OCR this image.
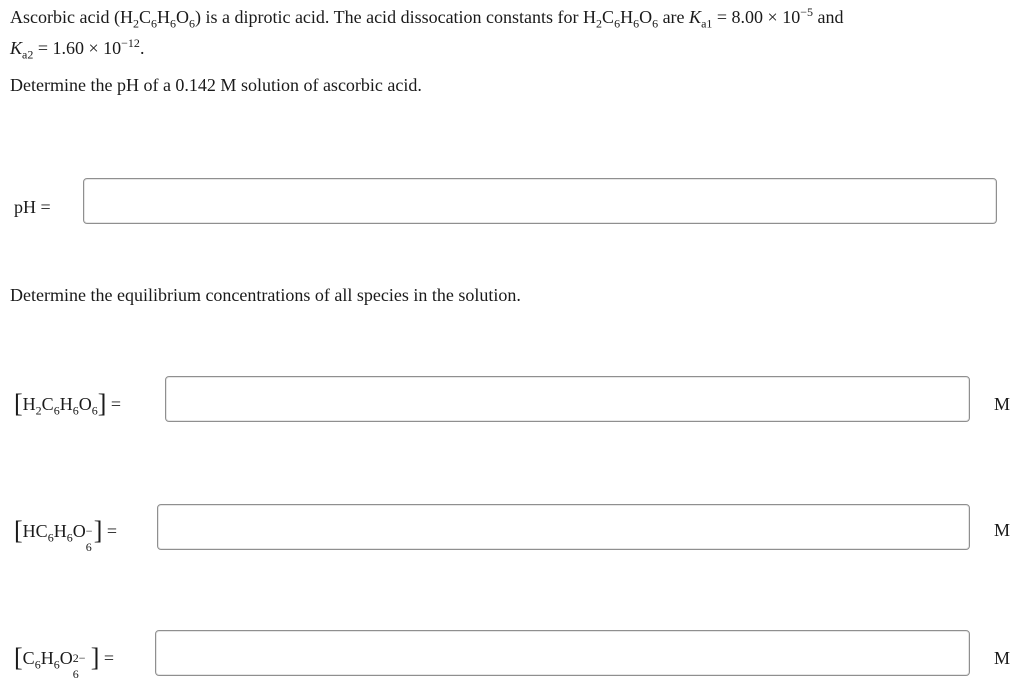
Ascorbic acid $(H_2C_6H_6O_6)$ is a diprotic acid. The acid dissocation constants for $H_2C_6H_6O_6$ are $K_{a1} = 8.00 \times 10^{-5}$ and
$K_{a2} = 1.60 \times 10^{-12}$.
Determine the pH of a 0.142 M solution of ascorbic acid.
pH =
Determine the equilibrium concentrations of all species in the solution.
$[H_2C_6H_6O_6]$ =	M
[$HC_6H_6O$ −
6
] =	M
[$C_6H_6O$ 2−
6
] =	M
